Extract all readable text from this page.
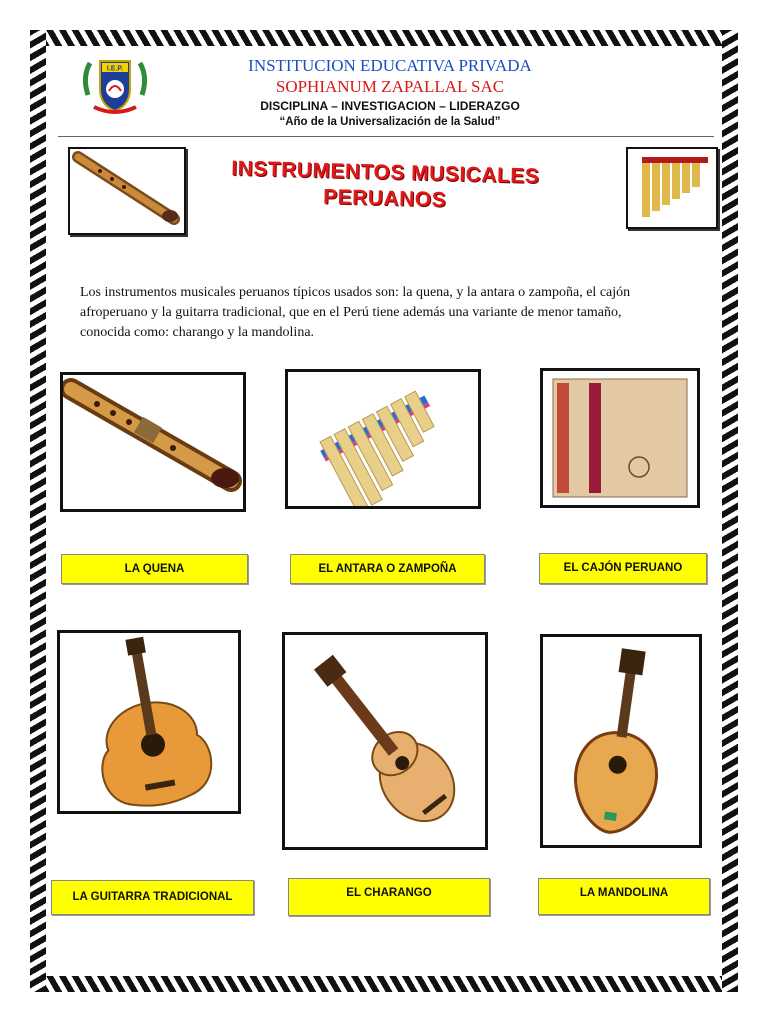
I.E.P.	INSTITUCION EDUCATIVA PRIVADA
SOPHIANUM ZAPALLAL SAC
DISCIPLINA – INVESTIGACION – LIDERAZGO
“Año de la Universalización de la Salud”
INSTRUMENTOS MUSICALES
PERUANOS
Los instrumentos musicales peruanos típicos usados son: la quena, y la antara o zampoña, el cajón afroperuano y la guitarra tradicional, que en el Perú tiene además una variante de menor tamaño, conocida como: charango y la mandolina.
LA QUENA	EL ANTARA O ZAMPOÑA	EL CAJÓN PERUANO
LA GUITARRA TRADICIONAL	EL CHARANGO	LA MANDOLINA
